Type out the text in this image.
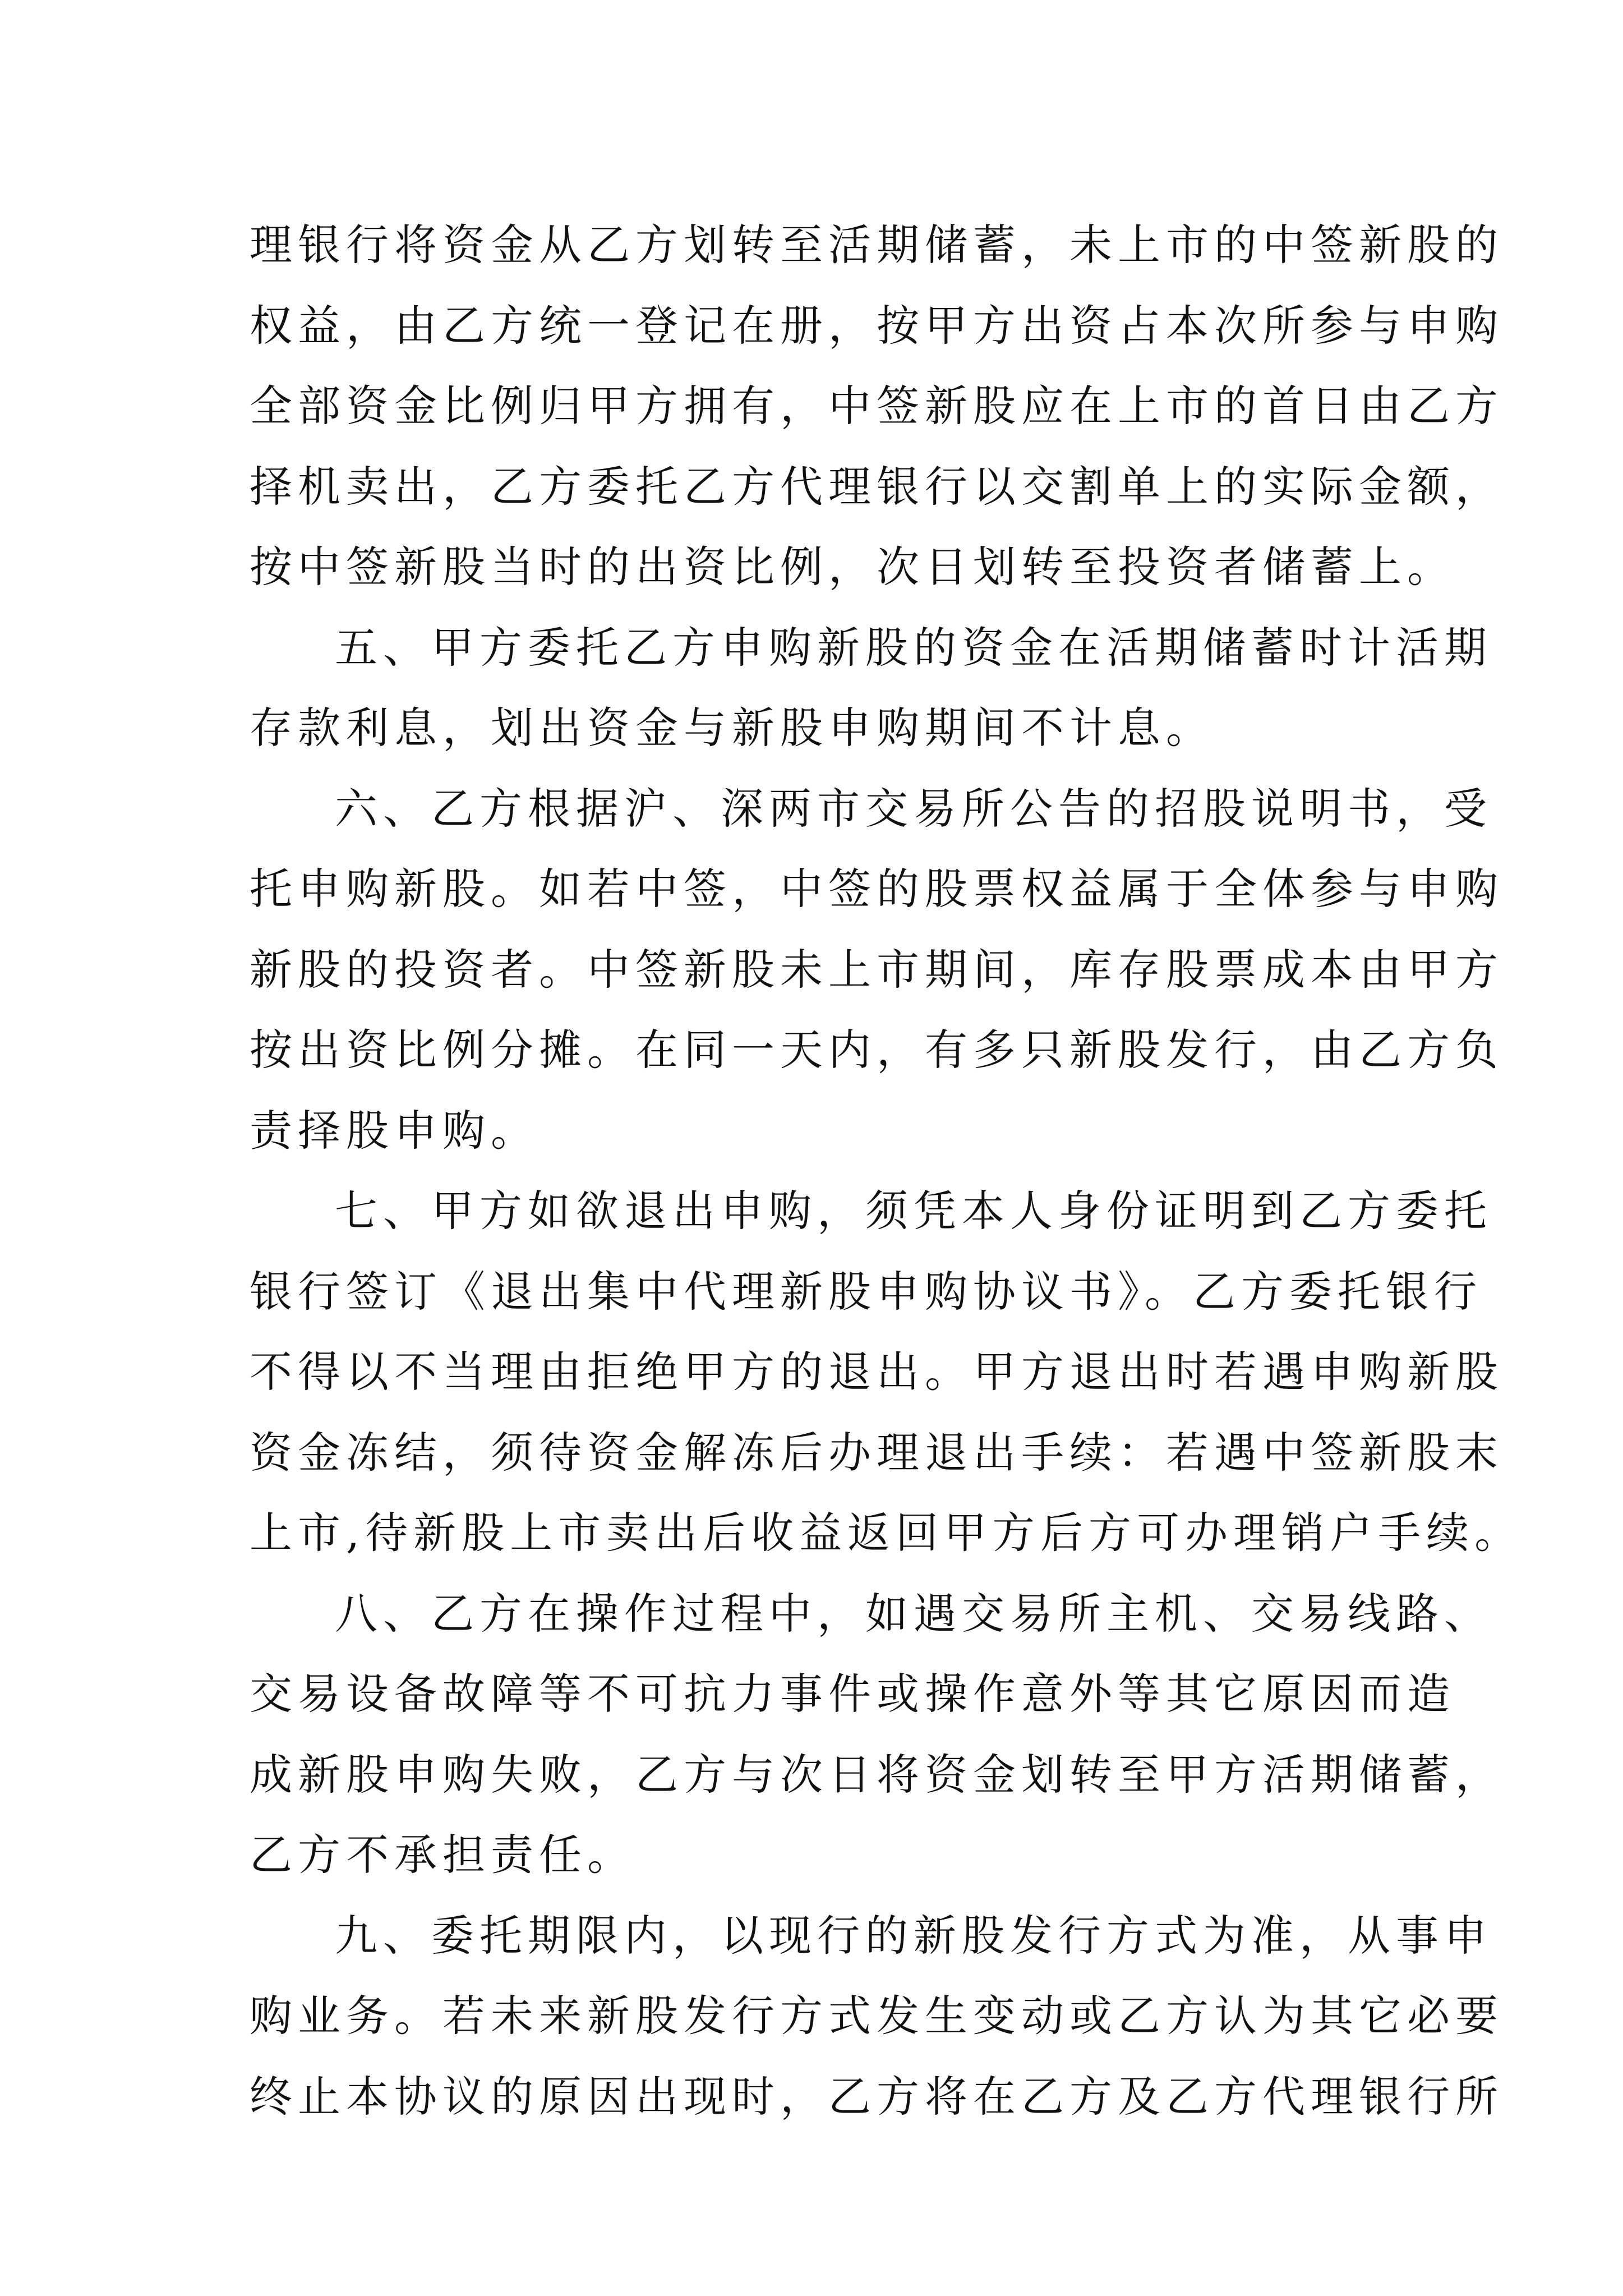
理银行将资金从乙方划转至活期储蓄，未上市的中签新股的
权益，由乙方统一登记在册，按甲方出资占本次所参与申购
全部资金比例归甲方拥有，中签新股应在上市的首日由乙方
择机卖出，乙方委托乙方代理银行以交割单上的实际金额，
按中签新股当时的出资比例，次日划转至投资者储蓄上。
五、甲方委托乙方申购新股的资金在活期储蓄时计活期
存款利息，划出资金与新股申购期间不计息。
六、乙方根据沪、深两市交易所公告的招股说明书，受
托申购新股。如若中签，中签的股票权益属于全体参与申购
新股的投资者。中签新股未上市期间，库存股票成本由甲方
按出资比例分摊。在同一天内，有多只新股发行，由乙方负
责择股申购。
七、甲方如欲退出申购，须凭本人身份证明到乙方委托
银行签订《退出集中代理新股申购协议书》。乙方委托银行
不得以不当理由拒绝甲方的退出。甲方退出时若遇申购新股
资金冻结，须待资金解冻后办理退出手续：若遇中签新股末
上市,待新股上市卖出后收益返回甲方后方可办理销户手续。
八、乙方在操作过程中，如遇交易所主机、交易线路、
交易设备故障等不可抗力事件或操作意外等其它原因而造
成新股申购失败，乙方与次日将资金划转至甲方活期储蓄，
乙方不承担责任。
九、委托期限内，以现行的新股发行方式为准，从事申
购业务。若未来新股发行方式发生变动或乙方认为其它必要
终止本协议的原因出现时，乙方将在乙方及乙方代理银行所
